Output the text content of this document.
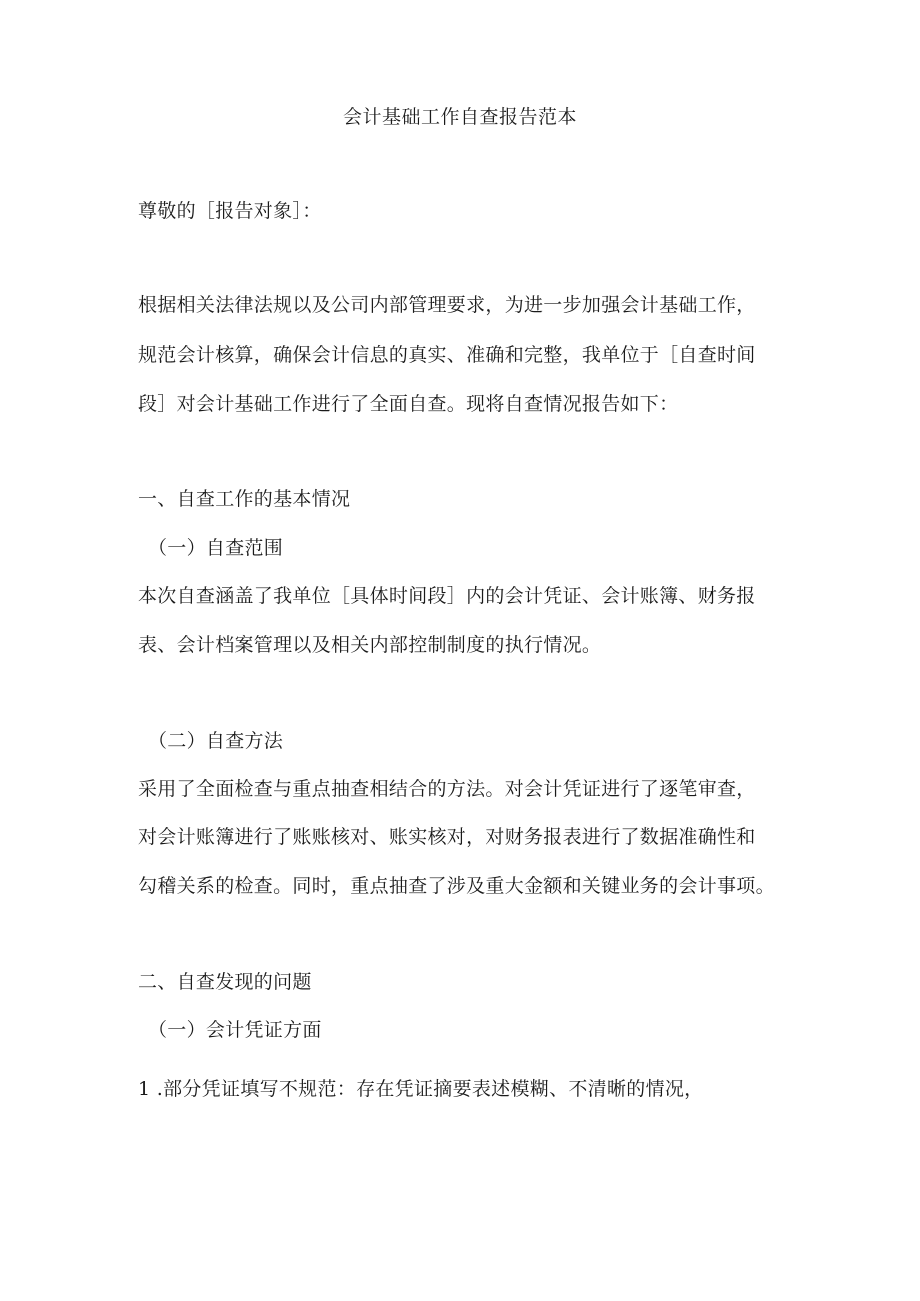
会计基础工作自查报告范本
尊敬的［报告对象］：
根据相关法律法规以及公司内部管理要求，为进一步加强会计基础工作，
规范会计核算，确保会计信息的真实、准确和完整，我单位于［自查时间
段］对会计基础工作进行了全面自查。现将自查情况报告如下：
一、自查工作的基本情况
（一）自查范围
本次自查涵盖了我单位［具体时间段］内的会计凭证、会计账簿、财务报
表、会计档案管理以及相关内部控制制度的执行情况。
（二）自查方法
采用了全面检查与重点抽查相结合的方法。对会计凭证进行了逐笔审查，
对会计账簿进行了账账核对、账实核对，对财务报表进行了数据准确性和
勾稽关系的检查。同时，重点抽查了涉及重大金额和关键业务的会计事项。
二、自查发现的问题
（一）会计凭证方面
1 .部分凭证填写不规范：存在凭证摘要表述模糊、不清晰的情况，
